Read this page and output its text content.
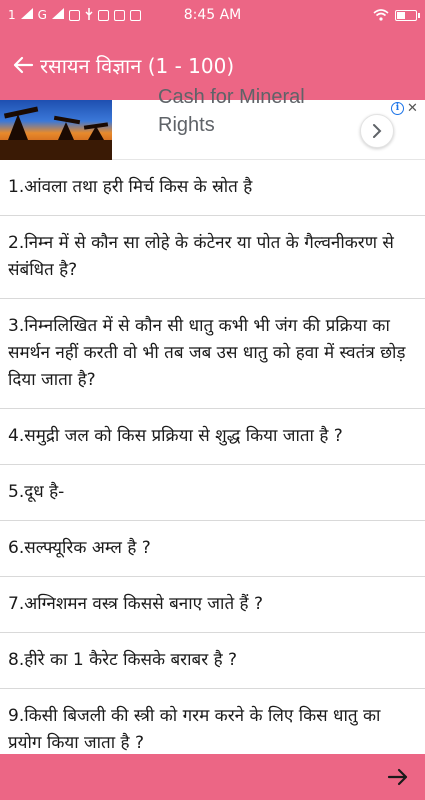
1 G	8:45 AM
रसायन विज्ञान (1 - 100)
Cash for Mineral
Rights
i ✕
1.आंवला तथा हरी मिर्च किस के स्रोत है
2.निम्न में से कौन सा लोहे के कंटेनर या पोत के गैल्वनीकरण से संबंधित है?
3.निम्नलिखित में से कौन सी धातु कभी भी जंग की प्रक्रिया का समर्थन नहीं करती वो भी तब जब उस धातु को हवा में स्वतंत्र छोड़ दिया जाता है?
4.समुद्री जल को किस प्रक्रिया से शुद्ध किया जाता है ?
5.दूध है-
6.सल्फ्यूरिक अम्ल है ?
7.अग्निशमन वस्त्र किससे बनाए जाते हैं ?
8.हीरे का 1 कैरेट किसके बराबर है ?
9.किसी बिजली की स्त्री को गरम करने के लिए किस धातु का प्रयोग किया जाता है ?
